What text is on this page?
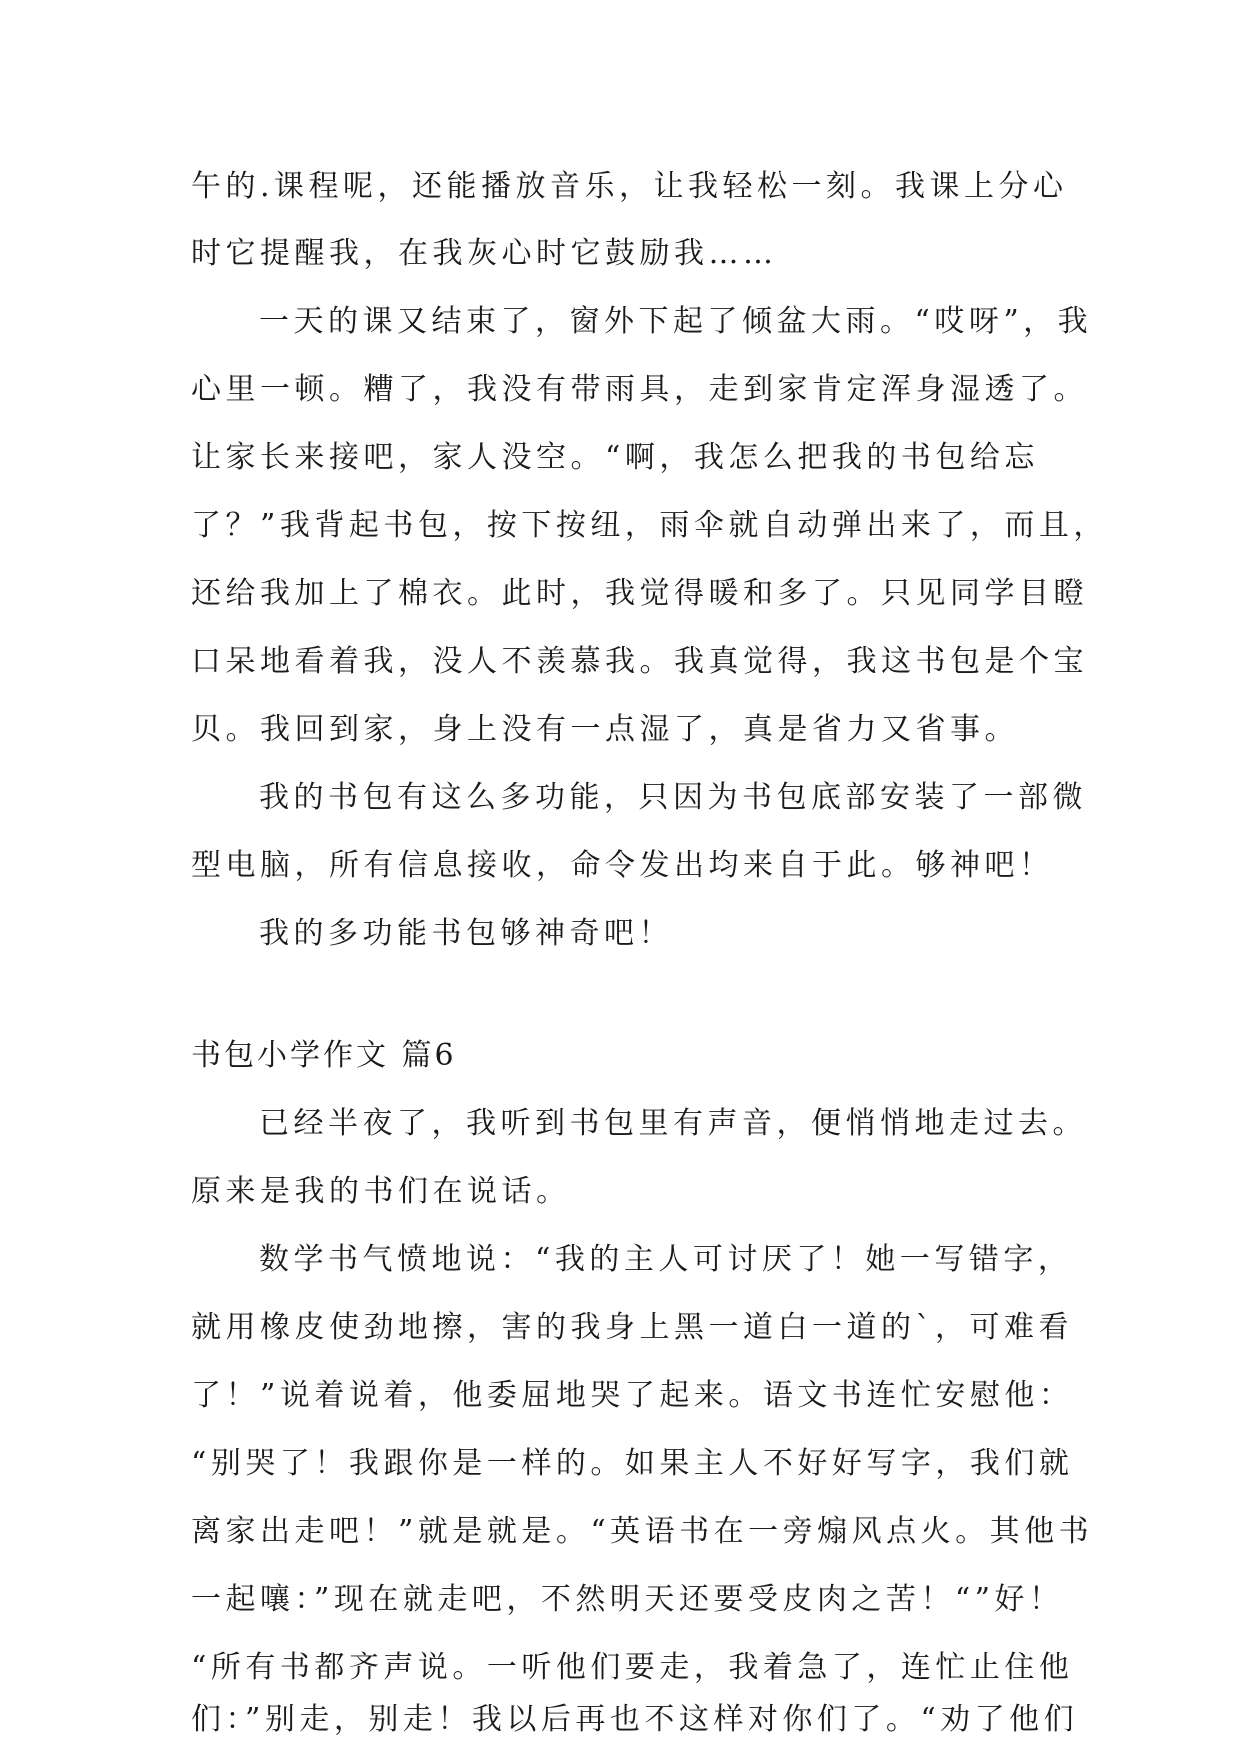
午的.课程呢，还能播放音乐，让我轻松一刻。我课上分心
时它提醒我，在我灰心时它鼓励我……
一天的课又结束了，窗外下起了倾盆大雨。“哎呀”，我
心里一顿。糟了，我没有带雨具，走到家肯定浑身湿透了。
让家长来接吧，家人没空。“啊，我怎么把我的书包给忘
了？”我背起书包，按下按纽，雨伞就自动弹出来了，而且，
还给我加上了棉衣。此时，我觉得暖和多了。只见同学目瞪
口呆地看着我，没人不羡慕我。我真觉得，我这书包是个宝
贝。我回到家，身上没有一点湿了，真是省力又省事。
我的书包有这么多功能，只因为书包底部安装了一部微
型电脑，所有信息接收，命令发出均来自于此。够神吧！
我的多功能书包够神奇吧！
书包小学作文 篇6
已经半夜了，我听到书包里有声音，便悄悄地走过去。
原来是我的书们在说话。
数学书气愤地说：“我的主人可讨厌了！她一写错字，
就用橡皮使劲地擦，害的我身上黑一道白一道的`，可难看
了！”说着说着，他委屈地哭了起来。语文书连忙安慰他：
“别哭了！我跟你是一样的。如果主人不好好写字，我们就
离家出走吧！”就是就是。“英语书在一旁煽风点火。其他书
一起嚷：”现在就走吧，不然明天还要受皮肉之苦！“”好！
“所有书都齐声说。一听他们要走，我着急了，连忙止住他
们：”别走，别走！我以后再也不这样对你们了。“劝了他们
